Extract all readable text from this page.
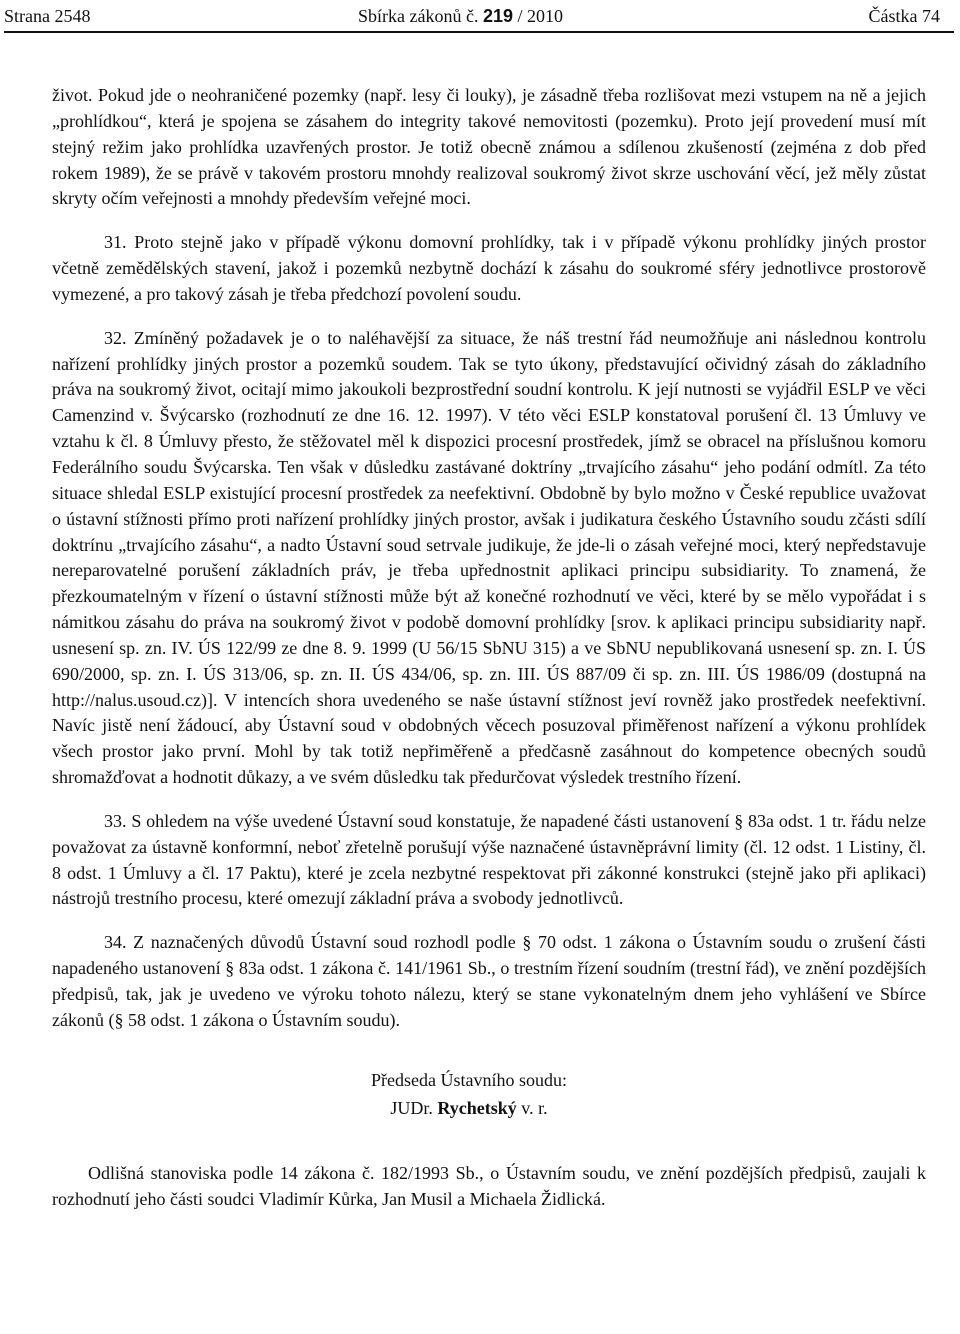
Strana 2548	Sbírka zákonů č. 219 / 2010	Částka 74

život. Pokud jde o neohraničené pozemky (např. lesy či louky), je zásadně třeba rozlišovat mezi vstupem na ně a jejich „prohlídkou“, která je spojena se zásahem do integrity takové nemovitosti (pozemku). Proto její provedení musí mít stejný režim jako prohlídka uzavřených prostor. Je totiž obecně známou a sdílenou zkušeností (zejména z dob před rokem 1989), že se právě v takovém prostoru mnohdy realizoval soukromý život skrze uschování věcí, jež měly zůstat skryty očím veřejnosti a mnohdy především veřejné moci.

31. Proto stejně jako v případě výkonu domovní prohlídky, tak i v případě výkonu prohlídky jiných prostor včetně zemědělských stavení, jakož i pozemků nezbytně dochází k zásahu do soukromé sféry jednotlivce prostorově vymezené, a pro takový zásah je třeba předchozí povolení soudu.

32. Zmíněný požadavek je o to naléhavější za situace, že náš trestní řád neumožňuje ani následnou kontrolu nařízení prohlídky jiných prostor a pozemků soudem. Tak se tyto úkony, představující očividný zásah do základního práva na soukromý život, ocitají mimo jakoukoli bezprostřední soudní kontrolu. K její nutnosti se vyjádřil ESLP ve věci Camenzind v. Švýcarsko (rozhodnutí ze dne 16. 12. 1997). V této věci ESLP konstatoval porušení čl. 13 Úmluvy ve vztahu k čl. 8 Úmluvy přesto, že stěžovatel měl k dispozici procesní prostředek, jímž se obracel na příslušnou komoru Federálního soudu Švýcarska. Ten však v důsledku zastávané doktríny „trvajícího zásahu“ jeho podání odmítl. Za této situace shledal ESLP existující procesní prostředek za neefektivní. Obdobně by bylo možno v České republice uvažovat o ústavní stížnosti přímo proti nařízení prohlídky jiných prostor, avšak i judikatura českého Ústavního soudu zčásti sdílí doktrínu „trvajícího zásahu“, a nadto Ústavní soud setrvale judikuje, že jde-li o zásah veřejné moci, který nepředstavuje nereparovatelné porušení základních práv, je třeba upřednostnit aplikaci principu subsidiarity. To znamená, že přezkoumatelným v řízení o ústavní stížnosti může být až konečné rozhodnutí ve věci, které by se mělo vypořádat i s námitkou zásahu do práva na soukromý život v podobě domovní prohlídky [srov. k aplikaci principu subsidiarity např. usnesení sp. zn. IV. ÚS 122/99 ze dne 8. 9. 1999 (U 56/15 SbNU 315) a ve SbNU nepublikovaná usnesení sp. zn. I. ÚS 690/2000, sp. zn. I. ÚS 313/06, sp. zn. II. ÚS 434/06, sp. zn. III. ÚS 887/09 či sp. zn. III. ÚS 1986/09 (dostupná na http://nalus.usoud.cz)]. V intencích shora uvedeného se naše ústavní stížnost jeví rovněž jako prostředek neefektivní. Navíc jistě není žádoucí, aby Ústavní soud v obdobných věcech posuzoval přiměřenost nařízení a výkonu prohlídek všech prostor jako první. Mohl by tak totiž nepřiměřeně a předčasně zasáhnout do kompetence obecných soudů shromažďovat a hodnotit důkazy, a ve svém důsledku tak předurčovat výsledek trestního řízení.

33. S ohledem na výše uvedené Ústavní soud konstatuje, že napadené části ustanovení § 83a odst. 1 tr. řádu nelze považovat za ústavně konformní, neboť zřetelně porušují výše naznačené ústavněprávní limity (čl. 12 odst. 1 Listiny, čl. 8 odst. 1 Úmluvy a čl. 17 Paktu), které je zcela nezbytné respektovat při zákonné konstrukci (stejně jako při aplikaci) nástrojů trestního procesu, které omezují základní práva a svobody jednotlivců.

34. Z naznačených důvodů Ústavní soud rozhodl podle § 70 odst. 1 zákona o Ústavním soudu o zrušení části napadeného ustanovení § 83a odst. 1 zákona č. 141/1961 Sb., o trestním řízení soudním (trestní řád), ve znění pozdějších předpisů, tak, jak je uvedeno ve výroku tohoto nálezu, který se stane vykonatelným dnem jeho vyhlášení ve Sbírce zákonů (§ 58 odst. 1 zákona o Ústavním soudu).

Předseda Ústavního soudu:
JUDr. Rychetský v. r.

Odlišná stanoviska podle 14 zákona č. 182/1993 Sb., o Ústavním soudu, ve znění pozdějších předpisů, zaujali k rozhodnutí jeho části soudci Vladimír Kůrka, Jan Musil a Michaela Židlická.
